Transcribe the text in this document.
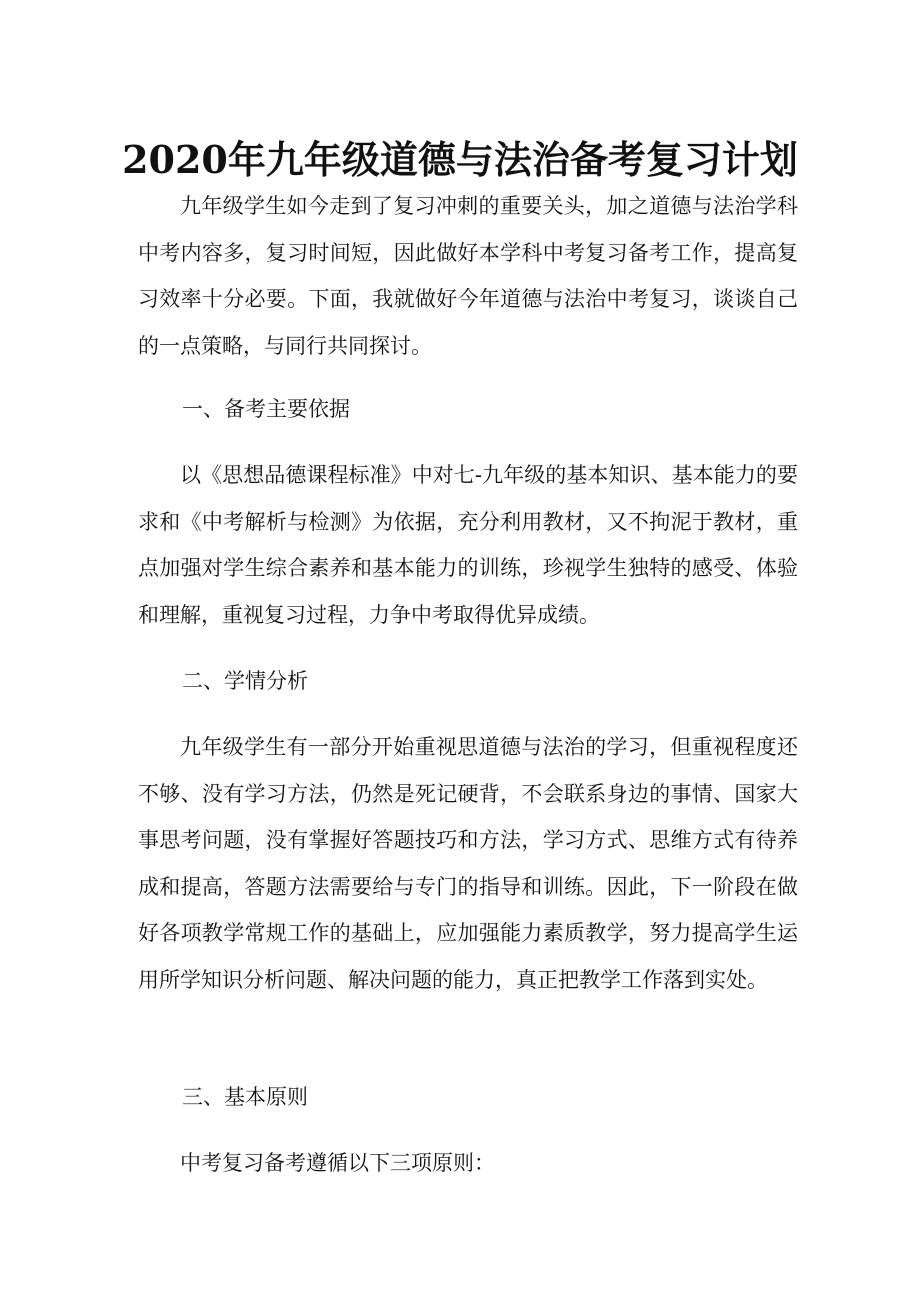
2020年九年级道德与法治备考复习计划

九年级学生如今走到了复习冲刺的重要关头，加之道德与法治学科中考内容多，复习时间短，因此做好本学科中考复习备考工作，提高复习效率十分必要。下面，我就做好今年道德与法治中考复习，谈谈自己的一点策略，与同行共同探讨。

一、备考主要依据

以《思想品德课程标准》中对七-九年级的基本知识、基本能力的要求和《中考解析与检测》为依据，充分利用教材，又不拘泥于教材，重点加强对学生综合素养和基本能力的训练，珍视学生独特的感受、体验和理解，重视复习过程，力争中考取得优异成绩。

二、学情分析

九年级学生有一部分开始重视思道德与法治的学习，但重视程度还不够、没有学习方法，仍然是死记硬背，不会联系身边的事情、国家大事思考问题，没有掌握好答题技巧和方法，学习方式、思维方式有待养成和提高，答题方法需要给与专门的指导和训练。因此，下一阶段在做好各项教学常规工作的基础上，应加强能力素质教学，努力提高学生运用所学知识分析问题、解决问题的能力，真正把教学工作落到实处。

三、基本原则

中考复习备考遵循以下三项原则：
